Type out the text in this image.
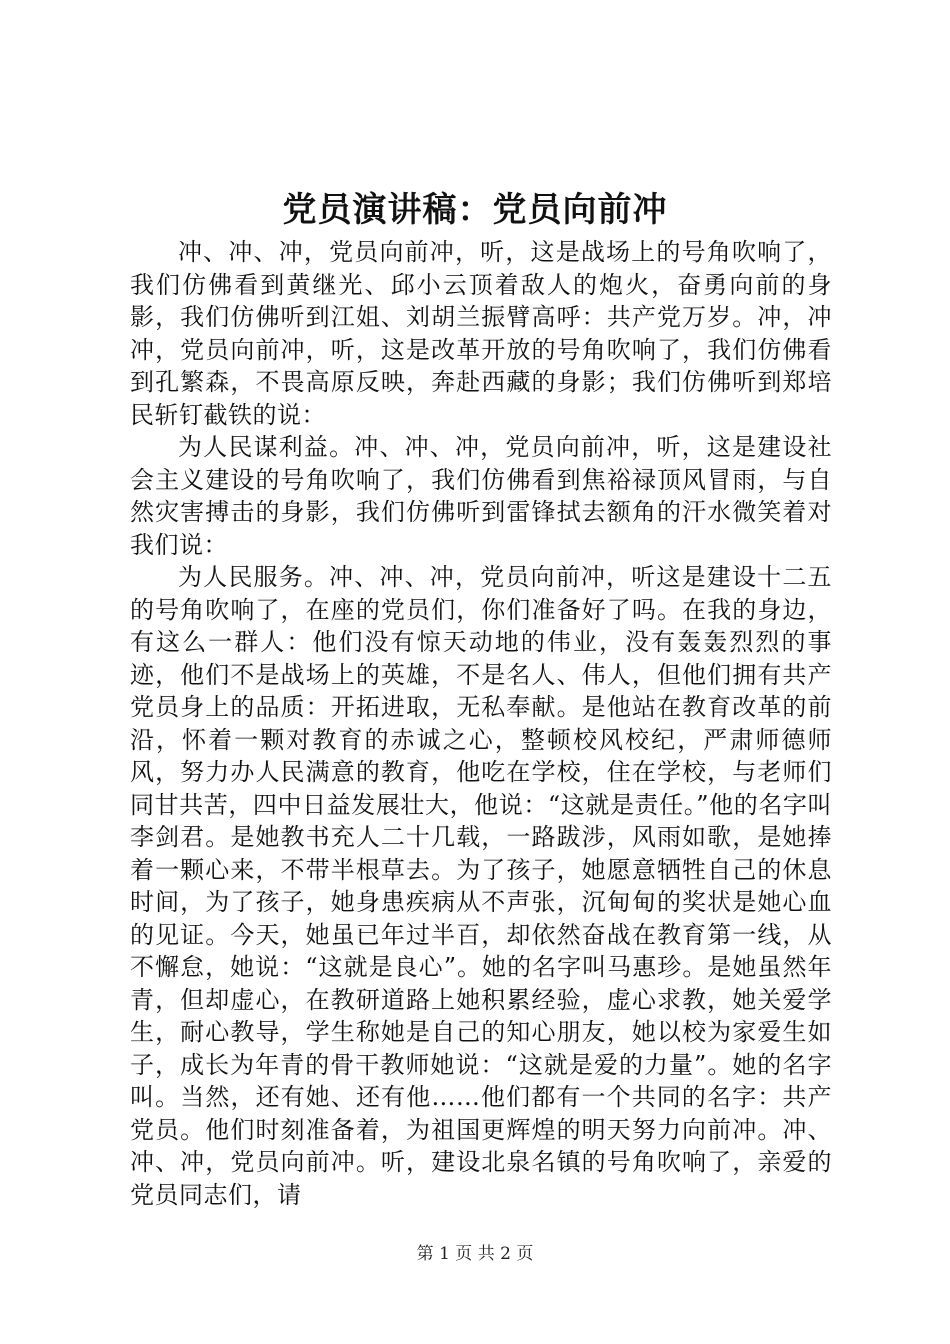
党员演讲稿：党员向前冲

冲、冲、冲，党员向前冲，听，这是战场上的号角吹响了，我们仿佛看到黄继光、邱小云顶着敌人的炮火，奋勇向前的身影，我们仿佛听到江姐、刘胡兰振臂高呼：共产党万岁。冲，冲冲，党员向前冲，听，这是改革开放的号角吹响了，我们仿佛看到孔繁森，不畏高原反映，奔赴西藏的身影；我们仿佛听到郑培民斩钉截铁的说：

为人民谋利益。冲、冲、冲，党员向前冲，听，这是建设社会主义建设的号角吹响了，我们仿佛看到焦裕禄顶风冒雨，与自然灾害搏击的身影，我们仿佛听到雷锋拭去额角的汗水微笑着对我们说：

为人民服务。冲、冲、冲，党员向前冲，听这是建设十二五的号角吹响了，在座的党员们，你们准备好了吗。在我的身边，有这么一群人：他们没有惊天动地的伟业，没有轰轰烈烈的事迹，他们不是战场上的英雄，不是名人、伟人，但他们拥有共产党员身上的品质：开拓进取，无私奉献。是他站在教育改革的前沿，怀着一颗对教育的赤诚之心，整顿校风校纪，严肃师德师风，努力办人民满意的教育，他吃在学校，住在学校，与老师们同甘共苦，四中日益发展壮大，他说：“这就是责任。”他的名字叫李剑君。是她教书充人二十几载，一路跋涉，风雨如歌，是她捧着一颗心来，不带半根草去。为了孩子，她愿意牺牲自己的休息时间，为了孩子，她身患疾病从不声张，沉甸甸的奖状是她心血的见证。今天，她虽已年过半百，却依然奋战在教育第一线，从不懈怠，她说：“这就是良心”。她的名字叫马惠珍。是她虽然年青，但却虚心，在教研道路上她积累经验，虚心求教，她关爱学生，耐心教导，学生称她是自己的知心朋友，她以校为家爱生如子，成长为年青的骨干教师她说：“这就是爱的力量”。她的名字叫。当然，还有她、还有他……他们都有一个共同的名字：共产党员。他们时刻准备着，为祖国更辉煌的明天努力向前冲。冲、冲、冲，党员向前冲。听，建设北泉名镇的号角吹响了，亲爱的党员同志们，请

第 1 页 共 2 页
